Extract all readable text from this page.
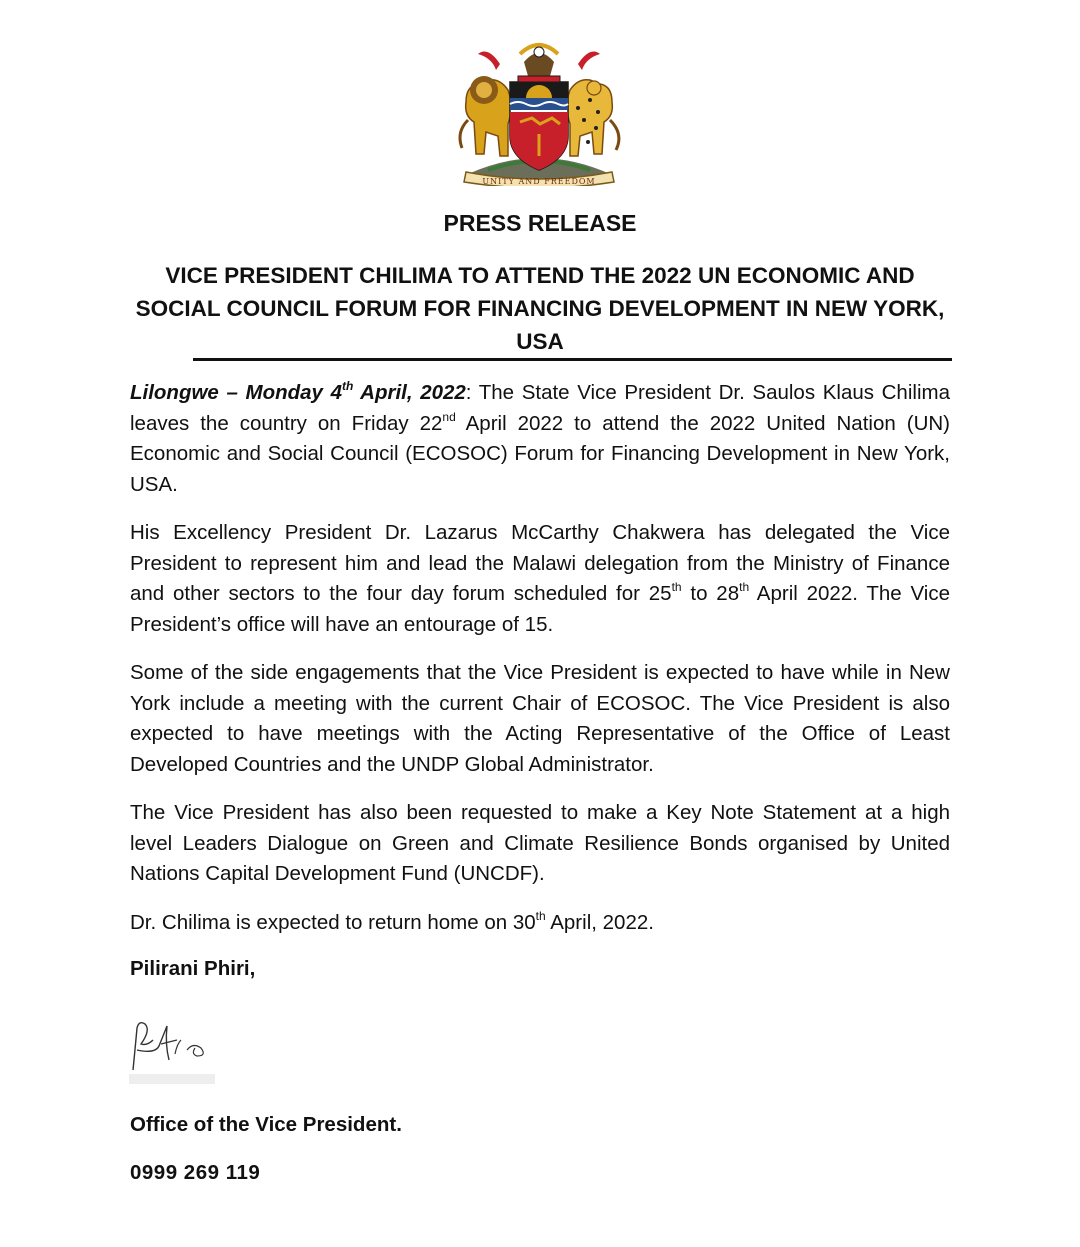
UNITY AND FREEDOM
PRESS RELEASE
VICE PRESIDENT CHILIMA TO ATTEND THE 2022 UN ECONOMIC AND SOCIAL COUNCIL FORUM FOR FINANCING DEVELOPMENT IN NEW YORK, USA

Lilongwe – Monday 4th April, 2022: The State Vice President Dr. Saulos Klaus Chilima leaves the country on Friday 22nd April 2022 to attend the 2022 United Nation (UN) Economic and Social Council (ECOSOC) Forum for Financing Development in New York, USA.

His Excellency President Dr. Lazarus McCarthy Chakwera has delegated the Vice President to represent him and lead the Malawi delegation from the Ministry of Finance and other sectors to the four day forum scheduled for 25th to 28th April 2022. The Vice President’s office will have an entourage of 15.

Some of the side engagements that the Vice President is expected to have while in New York include a meeting with the current Chair of ECOSOC. The Vice President is also expected to have meetings with the Acting Representative of the Office of Least Developed Countries and the UNDP Global Administrator.

The Vice President has also been requested to make a Key Note Statement at a high level Leaders Dialogue on Green and Climate Resilience Bonds organised by United Nations Capital Development Fund (UNCDF).

Dr. Chilima is expected to return home on 30th April, 2022.

Pilirani Phiri,
Office of the Vice President.
0999 269 119
